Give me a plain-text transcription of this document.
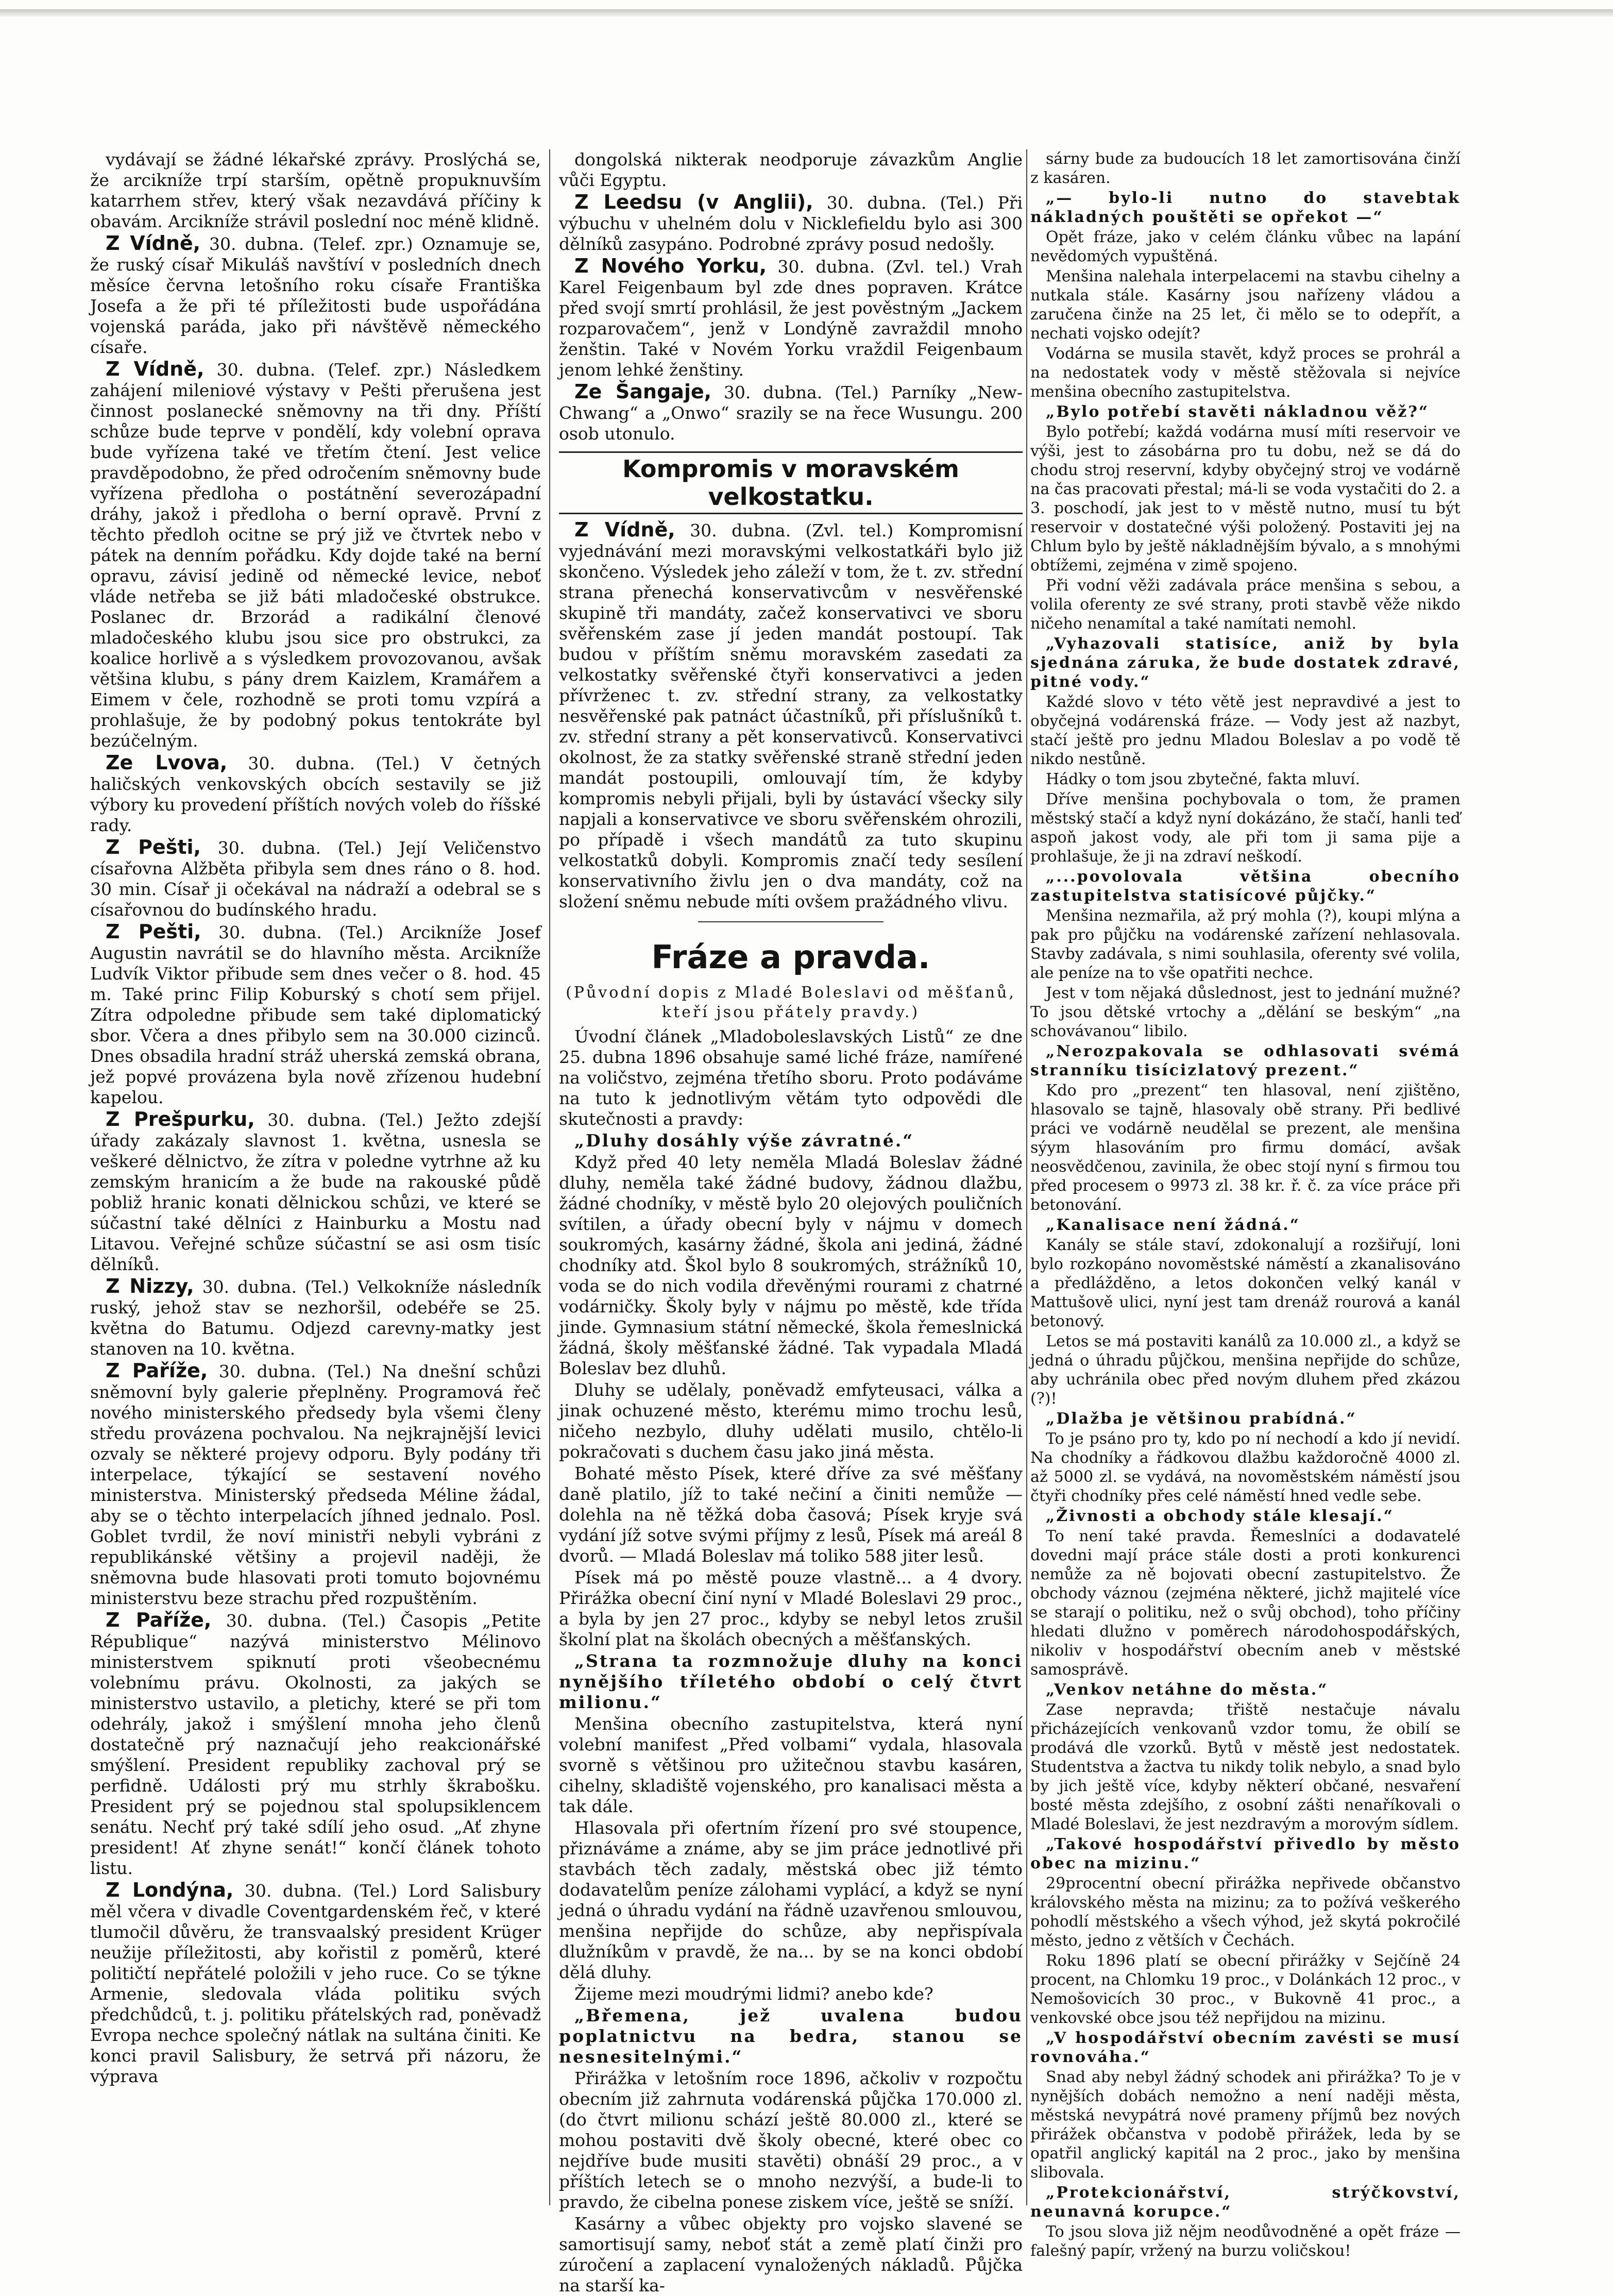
vydávají se žádné lékařské zprávy. Proslýchá se, že arcikníže trpí starším, opětně propuknuvším katarrhem střev, který však nezavdává příčiny k obavám. Arcikníže strávil poslední noc méně klidně.

Z Vídně, 30. dubna. (Telef. zpr.) Oznamuje se, že ruský císař Mikuláš navštíví v posledních dnech měsíce června letošního roku císaře Františka Josefa a že při té příležitosti bude uspořádána vojenská paráda, jako při návštěvě německého císaře.

Z Vídně, 30. dubna. (Telef. zpr.) Následkem zahájení mileniové výstavy v Pešti přerušena jest činnost poslanecké sněmovny na tři dny. Příští schůze bude teprve v pondělí, kdy volební oprava bude vyřízena také ve třetím čtení. Jest velice pravděpodobno, že před odročením sněmovny bude vyřízena předloha o postátnění severozápadní dráhy, jakož i předloha o berní opravě. První z těchto předloh ocitne se prý již ve čtvrtek nebo v pátek na denním pořádku. Kdy dojde také na berní opravu, závisí jedině od německé levice, neboť vláde netřeba se již báti mladočeské obstrukce. Poslanec dr. Brzorád a radikální členové mladočeského klubu jsou sice pro obstrukci, za koalice horlivě a s výsledkem provozovanou, avšak většina klubu, s pány drem Kaizlem, Kramářem a Eimem v čele, rozhodně se proti tomu vzpírá a prohlašuje, že by podobný pokus tentokráte byl bezúčelným.

Ze Lvova, 30. dubna. (Tel.) V četných haličských venkovských obcích sestavily se již výbory ku provedení příštích nových voleb do říšské rady.

Z Pešti, 30. dubna. (Tel.) Její Veličenstvo císařovna Alžběta přibyla sem dnes ráno o 8. hod. 30 min. Císař ji očekával na nádraží a odebral se s císařovnou do budínského hradu.

Z Pešti, 30. dubna. (Tel.) Arcikníže Josef Augustin navrátil se do hlavního města. Arcikníže Ludvík Viktor přibude sem dnes večer o 8. hod. 45 m. Také princ Filip Koburský s chotí sem přijel. Zítra odpoledne přibude sem také diplomatický sbor. Včera a dnes přibylo sem na 30.000 cizinců. Dnes obsadila hradní stráž uherská zemská obrana, jež popvé provázena byla nově zřízenou hudební kapelou.

Z Prešpurku, 30. dubna. (Tel.) Ježto zdejší úřady zakázaly slavnost 1. května, usnesla se veškeré dělnictvo, že zítra v poledne vytrhne až ku zemským hranicím a že bude na rakouské půdě pobliž hranic konati dělnickou schůzi, ve které se súčastní také dělníci z Hainburku a Mostu nad Litavou. Veřejné schůze súčastní se asi osm tisíc dělníků.

Z Nizzy, 30. dubna. (Tel.) Velkokníže následník ruský, jehož stav se nezhoršil, odebéře se 25. května do Batumu. Odjezd carevny-matky jest stanoven na 10. května.

Z Paříže, 30. dubna. (Tel.) Na dnešní schůzi sněmovní byly galerie přeplněny. Programová řeč nového ministerského předsedy byla všemi členy středu provázena pochvalou. Na nejkrajnější levici ozvaly se některé projevy odporu. Byly podány tři interpelace, týkající se sestavení nového ministerstva. Ministerský předseda Méline žádal, aby se o těchto interpelacích jíhned jednalo. Posl. Goblet tvrdil, že noví ministři nebyli vybráni z republikánské většiny a projevil naději, že sněmovna bude hlasovati proti tomuto bojovnému ministerstvu beze strachu před rozpuštěním.

Z Paříže, 30. dubna. (Tel.) Časopis „Petite République“ nazývá ministerstvo Mélinovo ministerstvem spiknutí proti všeobecnému volebnímu právu. Okolnosti, za jakých se ministerstvo ustavilo, a pletichy, které se při tom odehrály, jakož i smýšlení mnoha jeho členů dostatečně prý naznačují jeho reakcionářské smýšlení. President republiky zachoval prý se perfidně. Události prý mu strhly škrabošku. President prý se pojednou stal spolupsiklencem senátu. Nechť prý také sdílí jeho osud. „Ať zhyne president! Ať zhyne senát!“ končí článek tohoto listu.

Z Londýna, 30. dubna. (Tel.) Lord Salisbury měl včera v divadle Coventgardenském řeč, v které tlumočil důvěru, že transvaalský president Krüger neužije příležitosti, aby kořistil z poměrů, které političtí nepřátelé položili v jeho ruce. Co se týkne Armenie, sledovala vláda politiku svých předchůdců, t. j. politiku přátelských rad, poněvadž Evropa nechce společný nátlak na sultána činiti. Ke konci pravil Salisbury, že setrvá při názoru, že výprava

dongolská nikterak neodporuje závazkům Anglie vůči Egyptu.

Z Leedsu (v Anglii), 30. dubna. (Tel.) Při výbuchu v uhelném dolu v Nicklefieldu bylo asi 300 dělníků zasypáno. Podrobné zprávy posud nedošly.

Z Nového Yorku, 30. dubna. (Zvl. tel.) Vrah Karel Feigenbaum byl zde dnes popraven. Krátce před svojí smrtí prohlásil, že jest pověstným „Jackem rozparovačem“, jenž v Londýně zavraždil mnoho ženštin. Také v Novém Yorku vraždil Feigenbaum jenom lehké ženštiny.

Ze Šangaje, 30. dubna. (Tel.) Parníky „New-Chwang“ a „Onwo“ srazily se na řece Wusungu. 200 osob utonulo.

Kompromis v moravském velkostatku.

Z Vídně, 30. dubna. (Zvl. tel.) Kompromisní vyjednávání mezi moravskými velkostatkáři bylo již skončeno. Výsledek jeho záleží v tom, že t. zv. střední strana přenechá konservativcům v nesvěřenské skupině tři mandáty, začež konservativci ve sboru svěřenském zase jí jeden mandát postoupí. Tak budou v příštím sněmu moravském zasedati za velkostatky svěřenské čtyři konservativci a jeden přívrženec t. zv. střední strany, za velkostatky nesvěřenské pak patnáct účastníků, při příslušníků t. zv. střední strany a pět konservativců. Konservativci okolnost, že za statky svěřenské straně střední jeden mandát postoupili, omlouvají tím, že kdyby kompromis nebyli přijali, byli by ústavácí všecky sily napjali a konservativce ve sboru svěřenském ohrozili, po případě i všech mandátů za tuto skupinu velkostatků dobyli. Kompromis značí tedy sesílení konservativního živlu jen o dva mandáty, což na složení sněmu nebude míti ovšem pražádného vlivu.

Fráze a pravda.
(Původní dopis z Mladé Boleslavi od měšťanů, kteří jsou přátely pravdy.)

Úvodní článek „Mladoboleslavských Listů“ ze dne 25. dubna 1896 obsahuje samé liché fráze, namířené na voličstvo, zejména třetího sboru. Proto podáváme na tuto k jednotlivým větám tyto odpovědi dle skutečnosti a pravdy:

„Dluhy dosáhly výše závratné.“

Když před 40 lety neměla Mladá Boleslav žádné dluhy, neměla také žádné budovy, žádnou dlažbu, žádné chodníky, v městě bylo 20 olejových pouličních svítilen, a úřady obecní byly v nájmu v domech soukromých, kasárny žádné, škola ani jediná, žádné chodníky atd. Škol bylo 8 soukromých, strážníků 10, voda se do nich vodila dřevěnými rourami z chatrné vodárničky. Školy byly v nájmu po městě, kde třída jinde. Gymnasium státní německé, škola řemeslnická žádná, školy měšťanské žádné. Tak vypadala Mladá Boleslav bez dluhů.

Dluhy se udělaly, poněvadž emfyteusaci, válka a jinak ochuzené město, kterému mimo trochu lesů, ničeho nezbylo, dluhy udělati musilo, chtělo-li pokračovati s duchem času jako jiná města.

Bohaté město Písek, které dříve za své měšťany daně platilo, jíž to také nečiní a činiti nemůže — dolehla na ně těžká doba časová; Písek kryje svá vydání jíž sotve svými příjmy z lesů, Písek má areál 8 dvorů. — Mladá Boleslav má toliko 588 jiter lesů.

Písek má po městě pouze vlastně... a 4 dvory. Přirážka obecní činí nyní v Mladé Boleslavi 29 proc., a byla by jen 27 proc., kdyby se nebyl letos zrušil školní plat na školách obecných a měšťanských.

„Strana ta rozmnožuje dluhy na konci nynějšího tříletého období o celý čtvrt milionu.“

Menšina obecního zastupitelstva, která nyní volební manifest „Před volbami“ vydala, hlasovala svorně s většinou pro užitečnou stavbu kasáren, cihelny, skladiště vojenského, pro kanalisaci města a tak dále.

Hlasovala při ofertním řízení pro své stoupence, přiznáváme a známe, aby se jim práce jednotlivé při stavbách těch zadaly, městská obec již témto dodavatelům peníze zálohami vyplácí, a když se nyní jedná o úhradu vydání na řádně uzavřenou smlouvou, menšina nepřijde do schůze, aby nepřispívala dlužníkům v pravdě, že na... by se na konci období dělá dluhy.

Žijeme mezi moudrými lidmi? anebo kde?

„Břemena, jež uvalena budou poplatnictvu na bedra, stanou se nesnesitelnými.“

Přirážka v letošním roce 1896, ačkoliv v rozpočtu obecním již zahrnuta vodárenská půjčka 170.000 zl. (do čtvrt milionu schází ještě 80.000 zl., které se mohou postaviti dvě školy obecné, které obec co nejdříve bude musiti stavěti) obnáší 29 proc., a v příštích letech se o mnoho nezvýší, a bude-li to pravdo, že cibelna ponese ziskem více, ještě se sníží.

Kasárny a vůbec objekty pro vojsko slavené se samortisují samy, neboť stát a země platí činži pro zúročení a zaplacení vynaložených nákladů. Půjčka na starší ka-

sárny bude za budoucích 18 let zamortisována činží z kasáren.

„— bylo-li nutno do stavebtak nákladných pouštěti se opřekot —“

Opět fráze, jako v celém článku vůbec na lapání nevědomých vypuštěná.

Menšina nalehala interpelacemi na stavbu cihelny a nutkala stále. Kasárny jsou nařízeny vládou a zaručena činže na 25 let, či mělo se to odepřít, a nechati vojsko odejít?

Vodárna se musila stavět, když proces se prohrál a na nedostatek vody v městě stěžovala si nejvíce menšina obecního zastupitelstva.

„Bylo potřebí stavěti nákladnou věž?“

Bylo potřebí; každá vodárna musí míti reservoir ve výši, jest to zásobárna pro tu dobu, než se dá do chodu stroj reservní, kdyby obyčejný stroj ve vodárně na čas pracovati přestal; má-li se voda vystačiti do 2. a 3. poschodí, jak jest to v městě nutno, musí tu být reservoir v dostatečné výši položený. Postaviti jej na Chlum bylo by ještě nákladnějším bývalo, a s mnohými obtížemi, zejména v zimě spojeno.

Při vodní věži zadávala práce menšina s sebou, a volila oferenty ze své strany, proti stavbě věže nikdo ničeho nenamítal a také namítati nemohl.

„Vyhazovali statisíce, aniž by byla sjednána záruka, že bude dostatek zdravé, pitné vody.“

Každé slovo v této větě jest nepravdivé a jest to obyčejná vodárenská fráze. — Vody jest až nazbyt, stačí ještě pro jednu Mladou Boleslav a po vodě tě nikdo nestůně.

Hádky o tom jsou zbytečné, fakta mluví.

Dříve menšina pochybovala o tom, že pramen městský stačí a když nyní dokázáno, že stačí, hanli teď aspoň jakost vody, ale při tom ji sama pije a prohlašuje, že ji na zdraví neškodí.

„...povolovala většina obecního zastupitelstva statisícové půjčky.“

Menšina nezmařila, až prý mohla (?), koupi mlýna a pak pro půjčku na vodárenské zařízení nehlasovala. Stavby zadávala, s nimi souhlasila, oferenty své volila, ale peníze na to vše opatřiti nechce.

Jest v tom nějaká důslednost, jest to jednání mužné? To jsou dětské vrtochy a „dělání se beským“ „na schovávanou“ libilo.

„Nerozpakovala se odhlasovati svémá stranníku tisícizlatový prezent.“

Kdo pro „prezent“ ten hlasoval, není zjištěno, hlasovalo se tajně, hlasovaly obě strany. Při bedlivé práci ve vodárně neudělal se prezent, ale menšina sýym hlasováním pro firmu domácí, avšak neosvědčenou, zavinila, že obec stojí nyní s firmou tou před procesem o 9973 zl. 38 kr. ř. č. za více práce při betonování.

„Kanalisace není žádná.“

Kanály se stále staví, zdokonalují a rozšiřují, loni bylo rozkopáno novoměstské náměstí a zkanalisováno a předlážděno, a letos dokončen velký kanál v Mattušově ulici, nyní jest tam drenáž rourová a kanál betonový.

Letos se má postaviti kanálů za 10.000 zl., a když se jedná o úhradu půjčkou, menšina nepřijde do schůze, aby uchránila obec před novým dluhem před zkázou (?)!

„Dlažba je většinou prabídná.“

To je psáno pro ty, kdo po ní nechodí a kdo jí nevidí. Na chodníky a řádkovou dlažbu každoročně 4000 zl. až 5000 zl. se vydává, na novoměstském náměstí jsou čtyři chodníky přes celé náměstí hned vedle sebe.

„Živnosti a obchody stále klesají.“

To není také pravda. Řemeslníci a dodavatelé dovedni mají práce stále dosti a proti konkurenci nemůže za ně bojovati obecní zastupitelstvo. Že obchody váznou (zejména některé, jichž majitelé více se starají o politiku, než o svůj obchod), toho příčiny hledati dlužno v poměrech národohospodářských, nikoliv v hospodářství obecním aneb v městské samosprávě.

„Venkov netáhne do města.“

Zase nepravda; třiště nestačuje návalu přicházejících venkovanů vzdor tomu, že obilí se prodává dle vzorků. Bytů v městě jest nedostatek. Studentstva a žactva tu nikdy tolik nebylo, a snad bylo by jich ještě více, kdyby některí občané, nesvaření bosté města zdejšího, z osobní zášti nenaříkovali o Mladé Boleslavi, že jest nezdravým a morovým sídlem.

„Takové hospodářství přivedlo by město obec na mizinu.“

29procentní obecní přirážka nepřivede občanstvo královského města na mizinu; za to požívá veškerého pohodlí městského a všech výhod, jež skytá pokročilé město, jedno z větších v Čechách.

Roku 1896 platí se obecní přirážky v Sejčíně 24 procent, na Chlomku 19 proc., v Dolánkách 12 proc., v Nemošovicích 30 proc., v Bukovně 41 proc., a venkovské obce jsou též nepřijdou na mizinu.

„V hospodářství obecním zavésti se musí rovnováha.“

Snad aby nebyl žádný schodek ani přirážka? To je v nynějších dobách nemožno a není naději města, městská nevypátrá nové prameny příjmů bez nových přirážek občanstva v podobě přirážek, leda by se opatřil anglický kapitál na 2 proc., jako by menšina slibovala.

„Protekcionářství, strýčkovství, neunavná korupce.“

To jsou slova již nějm neodůvodněné a opět fráze — falešný papír, vržený na burzu voličskou!
